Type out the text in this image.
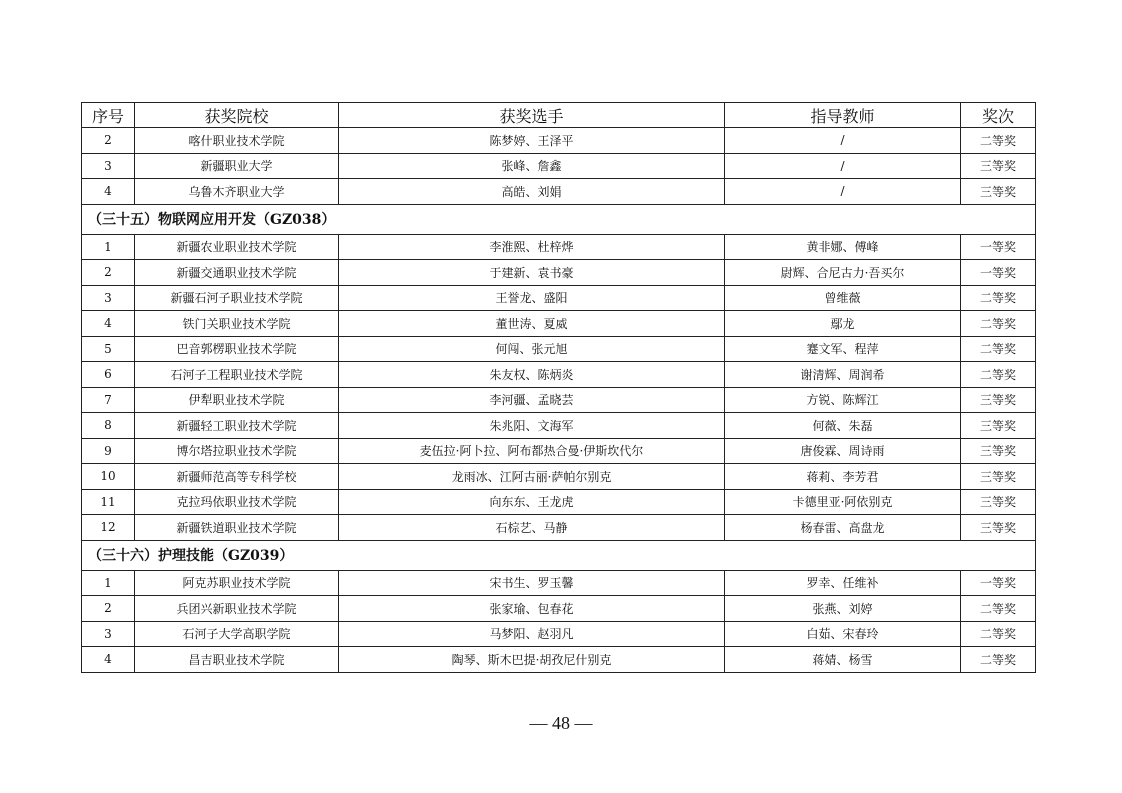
序号	获奖院校	获奖选手	指导教师	奖次
2	喀什职业技术学院	陈梦婷、王泽平	/	二等奖
3	新疆职业大学	张峰、詹鑫	/	三等奖
4	乌鲁木齐职业大学	高皓、刘娟	/	三等奖
（三十五）物联网应用开发（GZ038）				
1	新疆农业职业技术学院	李淮熙、杜梓烨	黄非娜、傅峰	一等奖
2	新疆交通职业技术学院	于建新、袁书豪	尉辉、合尼古力·吾买尔	一等奖
3	新疆石河子职业技术学院	王誉龙、盛阳	曾维薇	二等奖
4	铁门关职业技术学院	董世涛、夏威	鄢龙	二等奖
5	巴音郭楞职业技术学院	何闯、张元旭	蹇文军、程萍	二等奖
6	石河子工程职业技术学院	朱友权、陈炳炎	谢清辉、周润希	二等奖
7	伊犁职业技术学院	李河疆、孟晓芸	方锐、陈辉江	三等奖
8	新疆轻工职业技术学院	朱兆阳、文海军	何薇、朱磊	三等奖
9	博尔塔拉职业技术学院	麦伍拉·阿卜拉、阿布都热合曼·伊斯坎代尔	唐俊霖、周诗雨	三等奖
10	新疆师范高等专科学校	龙雨冰、江阿古丽·萨帕尔别克	蒋莉、李芳君	三等奖
11	克拉玛依职业技术学院	向东东、王龙虎	卡德里亚·阿依别克	三等奖
12	新疆铁道职业技术学院	石棕艺、马静	杨春雷、高盘龙	三等奖
（三十六）护理技能（GZ039）				
1	阿克苏职业技术学院	宋书生、罗玉馨	罗幸、任维补	一等奖
2	兵团兴新职业技术学院	张家瑜、包春花	张燕、刘婷	二等奖
3	石河子大学高职学院	马梦阳、赵羽凡	白茹、宋春玲	二等奖
4	昌吉职业技术学院	陶琴、斯木巴提·胡孜尼什别克	蒋婧、杨雪	二等奖
— 48 —
